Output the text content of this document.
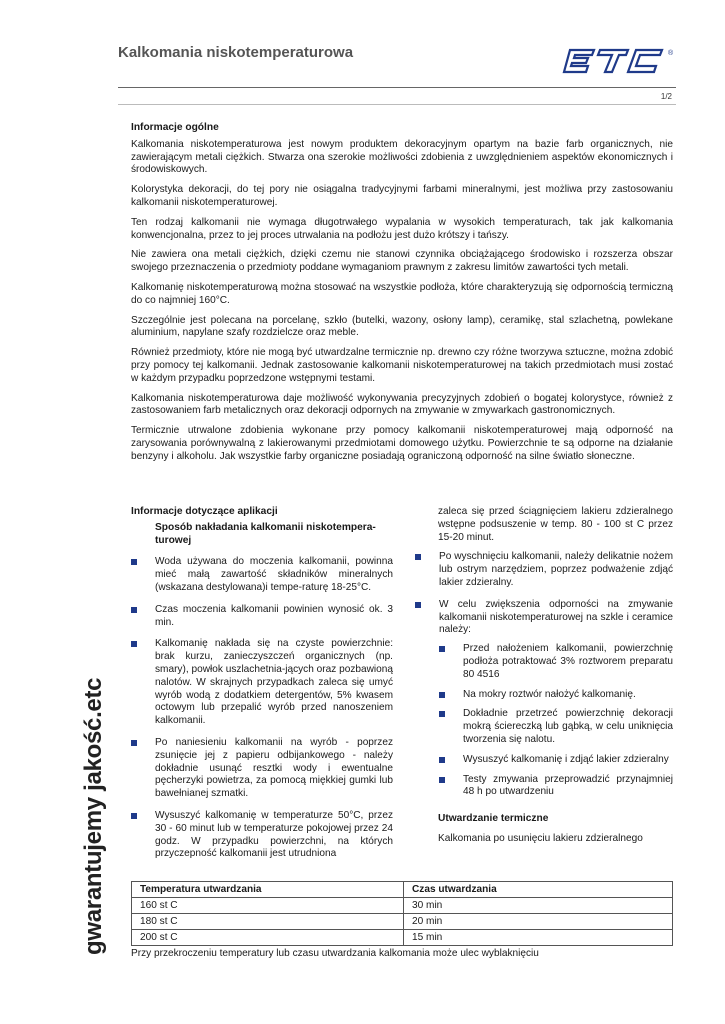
Kalkomania niskotemperaturowa	®
1/2
gwarantujemy jakość.etc
Informacje ogólne

Kalkomania niskotemperaturowa jest nowym produktem dekoracyjnym opartym na bazie farb organicznych, nie zawierającym metali ciężkich. Stwarza ona szerokie możliwości zdobienia z uwzględnieniem aspektów ekonomicznych i środowiskowych.

Kolorystyka dekoracji, do tej pory nie osiągalna tradycyjnymi farbami mineralnymi, jest możliwa przy zastosowaniu kalkomanii niskotemperaturowej.

Ten rodzaj kalkomanii nie wymaga długotrwałego wypalania w wysokich temperaturach, tak jak kalkomania konwencjonalna, przez to jej proces utrwalania na podłożu jest dużo krótszy i tańszy.

Nie zawiera ona metali ciężkich, dzięki czemu nie stanowi czynnika obciążającego środowisko i rozszerza obszar swojego przeznaczenia o przedmioty poddane wymaganiom prawnym z zakresu limitów zawartości tych metali.

Kalkomanię niskotemperaturową można stosować na wszystkie podłoża, które charakteryzują się odpornością termiczną do co najmniej 160°C.

Szczególnie jest polecana na porcelanę, szkło (butelki, wazony, osłony lamp), ceramikę, stal szlachetną, powlekane aluminium, napylane szafy rozdzielcze oraz meble.

Również przedmioty, które nie mogą być utwardzalne termicznie np. drewno czy różne tworzywa sztuczne, można zdobić przy pomocy tej kalkomanii. Jednak zastosowanie kalkomanii niskotemperaturowej na takich przedmiotach musi zostać w każdym przypadku poprzedzone wstępnymi testami.

Kalkomania niskotemperaturowa daje możliwość wykonywania precyzyjnych zdobień o bogatej kolorystyce, również z zastosowaniem farb metalicznych oraz dekoracji odpornych na zmywanie w zmywarkach gastronomicznych.

Termicznie utrwalone zdobienia wykonane przy pomocy kalkomanii niskotemperaturowej mają odporność na zarysowania porównywalną z lakierowanymi przedmiotami domowego użytku. Powierzchnie te są odporne na działanie benzyny i alkoholu. Jak wszystkie farby organiczne posiadają ograniczoną odporność na silne światło słoneczne.

Informacje dotyczące aplikacji
Sposób nakładania kalkomanii niskotempera-turowej
Woda używana do moczenia kalkomanii, powinna mieć małą zawartość składników mineralnych (wskazana destylowana)i tempe-raturę 18-25°C.
Czas moczenia kalkomanii powinien wynosić ok. 3 min.
Kalkomanię nakłada się na czyste powierzchnie: brak kurzu, zanieczyszczeń organicznych (np. smary), powłok uszlachetnia-jących oraz pozbawioną nalotów. W skrajnych przypadkach zaleca się umyć wyrób wodą z dodatkiem detergentów, 5% kwasem octowym lub przepalić wyrób przed nanoszeniem kalkomanii.
Po naniesieniu kalkomanii na wyrób - poprzez zsunięcie jej z papieru odbijankowego - należy dokładnie usunąć resztki wody i ewentualne pęcherzyki powietrza, za pomocą miękkiej gumki lub bawełnianej szmatki.
Wysuszyć kalkomanię w temperaturze 50°C, przez 30 - 60 minut lub w temperaturze pokojowej przez 24 godz. W przypadku powierzchni, na których przyczepność kalkomanii jest utrudniona

zaleca się przed ściągnięciem lakieru zdzieralnego wstępne podsuszenie w temp. 80 - 100 st C przez 15-20 minut.

Po wyschnięciu kalkomanii, należy delikatnie nożem lub ostrym narzędziem, poprzez podważenie zdjąć lakier zdzieralny.
W celu zwiększenia odporności na zmywanie kalkomanii niskotemperaturowej na szkle i ceramice należy:
Przed nałożeniem kalkomanii, powierzchnię podłoża potraktować 3% roztworem preparatu 80 4516
Na mokry roztwór nałożyć kalkomanię.
Dokładnie przetrzeć powierzchnię dekoracji mokrą ściereczką lub gąbką, w celu uniknięcia tworzenia się nalotu.
Wysuszyć kalkomanię i zdjąć lakier zdzieralny
Testy zmywania przeprowadzić przynajmniej 48 h po utwardzeniu
Utwardzanie termiczne

Kalkomania po usunięciu lakieru zdzieralnego

Temperatura utwardzania	Czas utwardzania
160 st C	30 min
180 st C	20 min
200 st C	15 min
Przy przekroczeniu temperatury lub czasu utwardzania kalkomania może ulec wyblaknięciu
